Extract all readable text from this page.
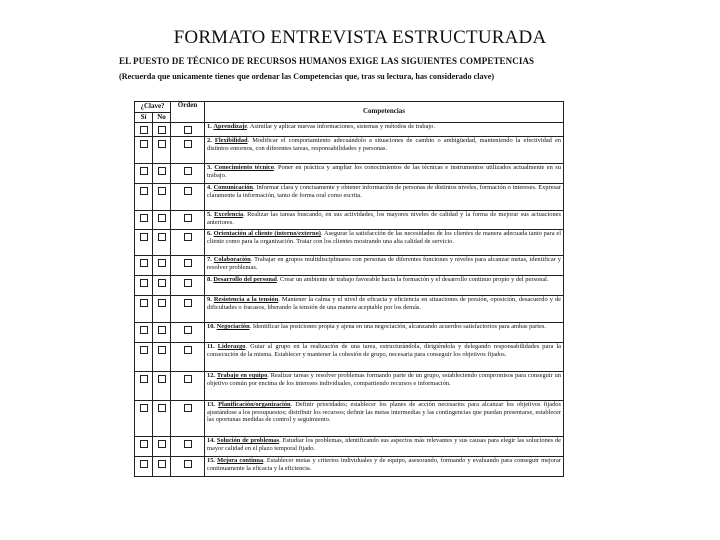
FORMATO ENTREVISTA ESTRUCTURADA
EL PUESTO DE TÉCNICO DE RECURSOS HUMANOS EXIGE LAS SIGUIENTES COMPETENCIAS
(Recuerda que unicamente tienes que ordenar las Competencias que, tras su lectura, has considerado clave)
¿Clave?		Orden	Competencias
Sí	No		
			1. Aprendizaje. Asimilar y aplicar nuevas informaciones, sistemas y métodos de trabajo.
			2. Flexibilidad. Modificar el comportamiento adecuándolo a situaciones de cambio o ambigüedad, manteniendo la efectividad en distintos entornos, con diferentes tareas, responsabilidades y personas.
			3. Conocimiento técnico. Poner en práctica y ampliar los conocimientos de las técnicas e instrumentos utilizados actualmente en su trabajo.
			4. Comunicación. Informar clara y concisamente y obtener información de personas de distintos niveles, formación o intereses. Expresar claramente la información, tanto de forma oral como escrita.
			5. Excelencia. Realizar las tareas buscando, en sus actividades, los mayores niveles de calidad y la forma de mejorar sus actuaciones anteriores.
			6. Orientación al cliente (interno/externo). Asegurar la satisfacción de las necesidades de los clientes de manera adecuada tanto para el cliente como para la organización. Tratar con los clientes mostrando una alta calidad de servicio.
			7. Colaboración. Trabajar en grupos multidisciplinares con personas de diferentes funciones y niveles para alcanzar metas, identificar y resolver problemas.
			8. Desarrollo del personal. Crear un ambiente de trabajo favorable hacia la formación y el desarrollo continuo propio y del personal.
			9. Resistencia a la tensión. Mantener la calma y el nivel de eficacia y eficiencia en situaciones de presión, oposición, desacuerdo y de dificultades o fracasos, liberando la tensión de una manera aceptable por los demás.
			10. Negociación. Identificar las posiciones propia y ajena en una negociación, alcanzando acuerdos satisfactorios para ambas partes.
			11. Liderazgo. Guiar al grupo en la realización de una tarea, estructurándola, dirigiéndola y delegando responsabilidades para la consecución de la misma. Establecer y mantener la cohesión de grupo, necesaria para conseguir los objetivos fijados.
			12. Trabajo en equipo. Realizar tareas y resolver problemas formando parte de un grupo, estableciendo compromisos para conseguir un objetivo común por encima de los intereses individuales, compartiendo recursos e información.
			13. Planificación/organización. Definir prioridades; establecer los planes de acción necesarios para alcanzar los objetivos fijados ajustándose a los presupuestos; distribuir los recursos; definir las metas intermedias y las contingencias que puedan presentarse, establecer las oportunas medidas de control y seguimiento.
			14. Solución de problemas. Estudiar los problemas, identificando sus aspectos más relevantes y sus causas para elegir las soluciones de mayor calidad en el plazo temporal fijado.
			15. Mejora continua. Establecer metas y criterios individuales y de equipo, asesorando, formando y evaluando para conseguir mejorar continuamente la eficacia y la eficiencia.
